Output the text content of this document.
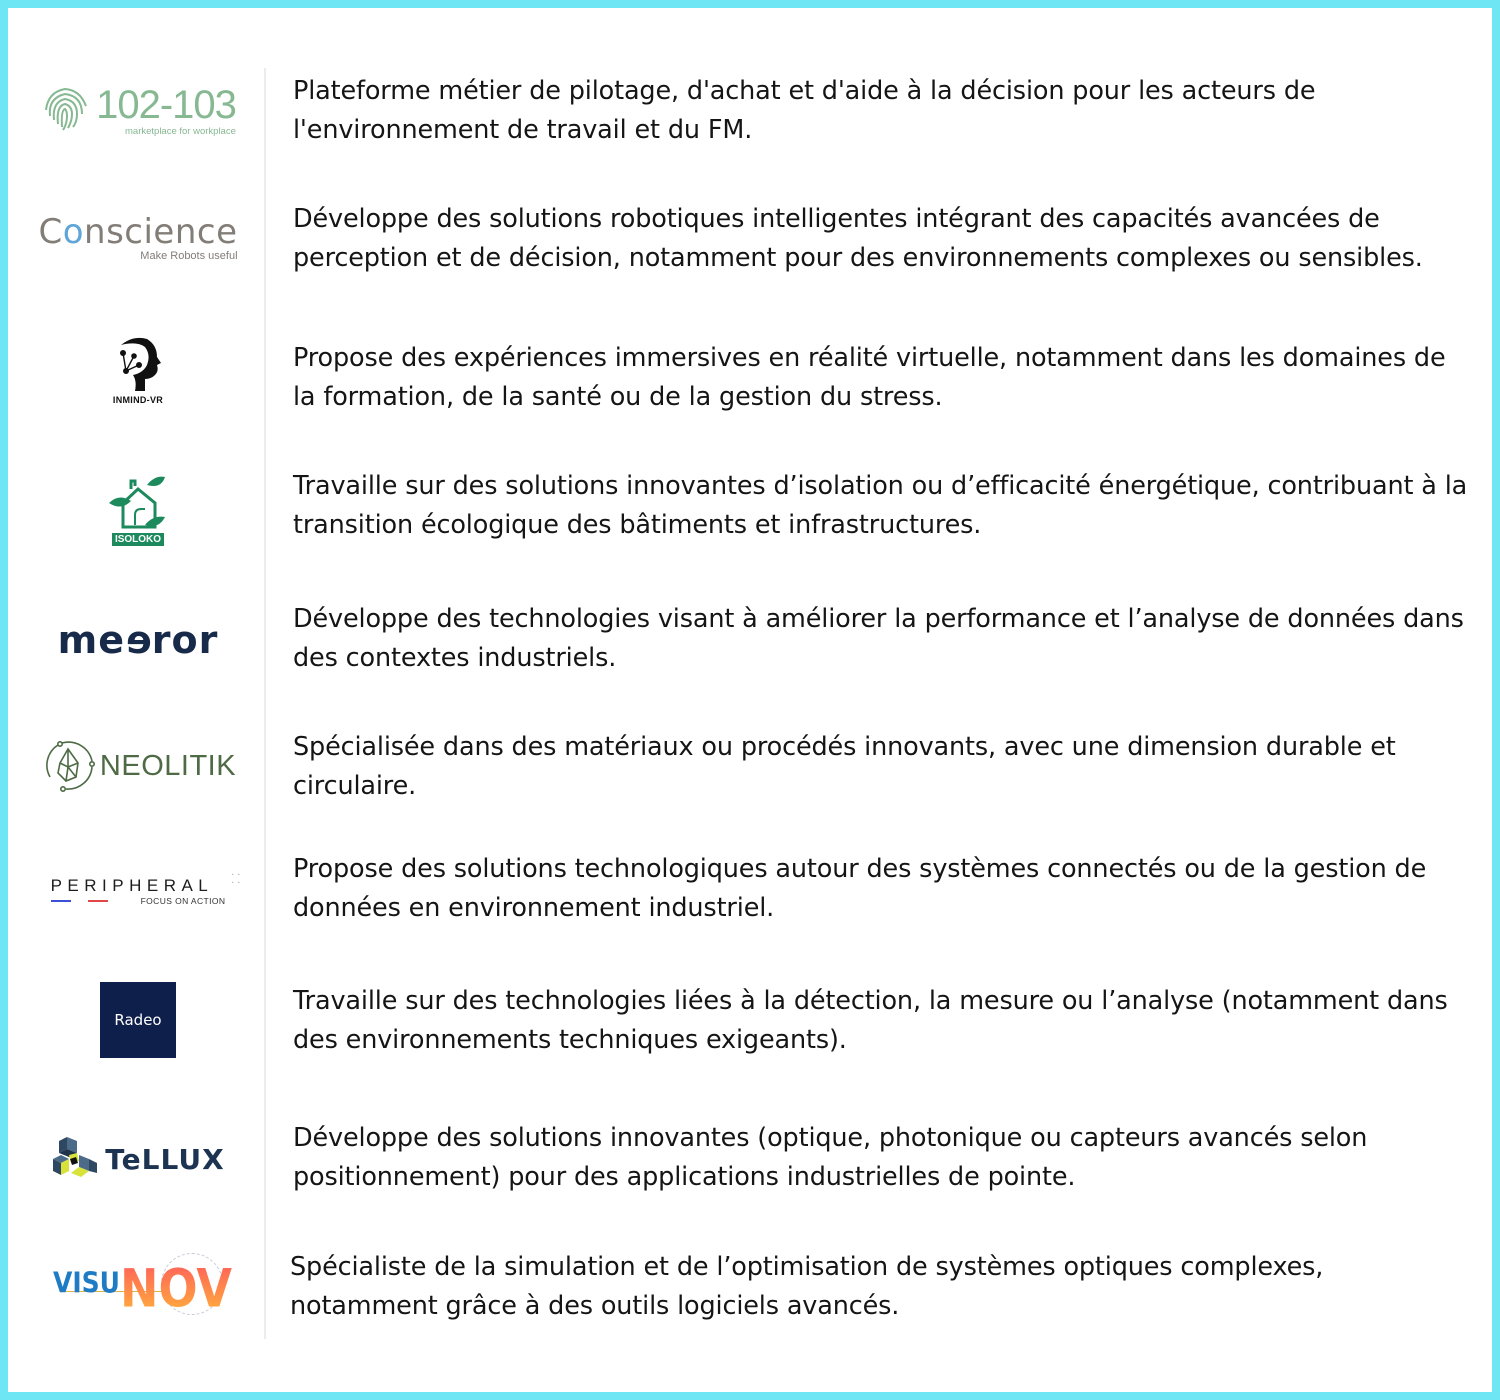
102-103
marketplace for workplace
Plateforme métier de pilotage, d'achat et d'aide à la décision pour les acteurs de l'environnement de travail et du FM.
Conscience
Make Robots useful
Développe des solutions robotiques intelligentes intégrant des capacités avancées de perception et de décision, notamment pour des environnements complexes ou sensibles.
INMIND-VR
Propose des expériences immersives en réalité virtuelle, notamment dans les domaines de la formation, de la santé ou de la gestion du stress.
ISOLOKO
Travaille sur des solutions innovantes d’isolation ou d’efficacité énergétique, contribuant à la transition écologique des bâtiments et infrastructures.
meeror	Développe des technologies visant à améliorer la performance et l’analyse de données dans des contextes industriels.
NEOLITIK
Spécialisée dans des matériaux ou procédés innovants, avec une dimension durable et circulaire.
PERIPHERAL
FOCUS ON ACTION
··
·· Propose des solutions technologiques autour des systèmes connectés ou de la gestion de données en environnement industriel.
Radeo
Travaille sur des technologies liées à la détection, la mesure ou l’analyse (notamment dans des environnements techniques exigeants).
TeLLUX
Développe des solutions innovantes (optique, photonique ou capteurs avancés selon positionnement) pour des applications industrielles de pointe.
VISU NOV Spécialiste de la simulation et de l’optimisation de systèmes optiques complexes, notamment grâce à des outils logiciels avancés.
